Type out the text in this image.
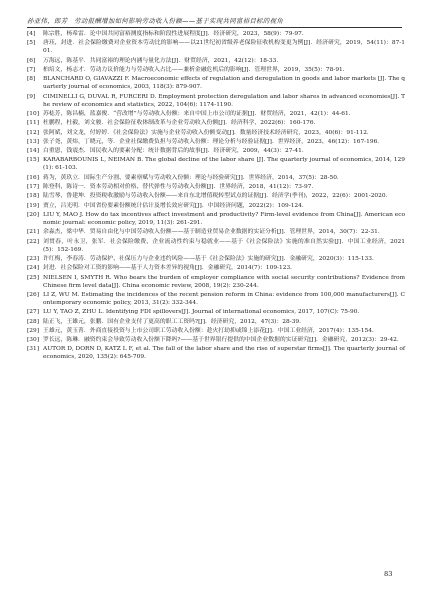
孙亚伟，郎芳　劳动报酬增加如何影响劳动收入份额——基于实现共同富裕目标的视角
[4]	陈宗胜，杨希雷．论中国共同富裕测度指标和阶段性进展程度[J]．经济研究，2023，58(9)：79-97．
[5]	唐珏，封进．社会保险缴费对企业资本劳动比的影响——以21世纪初省级养老保险征收机构变更为例[J]．经济研究，2019，54(11)：87-101．
[6]	万海远，陈基平．共同富裕的理论内涵与量化方法[J]．财贸经济，2021，42(12)：18-33．
[7]	柏培文，杨志才．劳动力议价能力与劳动收入占比——兼析金融危机后的影响[J]．管理世界，2019，35(5)：78-91．
[8]	BLANCHARD O, GIAVAZZI F. Macroeconomic effects of regulation and deregulation in goods and labor markets [J]. The quarterly journal of economics, 2003, 118(3): 879-907.
[9]	CIMINELLI G, DUVAL R, FURCERI D. Employment protection deregulation and labor shares in advanced economies[J]. The review of economics and statistics, 2022, 104(6): 1174-1190.
[10] 苏梽芳，陈昌楠，蓝嘉俊．“营改增”与劳动收入份额：来自中国上市公司的证据[J]．财贸经济，2021，42(1)：44-61．
[11] 杜鹏程，杜毅，刘文骏．社会保险征收体制改革与企业劳动收入份额[J]．经济科学，2022(6)：160-176．
[12] 张阿斌，刘文龙，付婷婷．《社会保险法》实施与企业劳动收入份额变动[J]．数量经济技术经济研究，2023，40(6)：91-112．
[13] 张子尧，黄炜，丁晓元，等．企业社保缴费负担与劳动收入份额：理论分析与经验证据[J]．世界经济，2023，46(12)：167-196．
[14] 白重恩，钱震杰．国民收入的要素分配：统计数据背后的故事[J]．经济研究，2009，44(3)：27-41．
[15] KARABARBOUNIS L, NEIMAN B. The global decline of the labor share [J]. The quarterly journal of economics, 2014, 129(1): 61-103.
[16] 蒋为，黄玖立．国际生产分割、要素禀赋与劳动收入份额：理论与经验研究[J]．世界经济，2014，37(5)：28-50．
[17] 陈登科，陈诗一．资本劳动相对价格、替代弹性与劳动收入份额[J]．世界经济，2018，41(12)：73-97．
[18] 陆雪琴，鲁建坤．投资税收激励与劳动收入份额——来自东北增值税转型试点的证据[J]．经济学(季刊)，2022，22(6)：2001-2020．
[19] 贾立，吕光明．中国省份要素份额统计估计及增长效应研究[J]．中国经济问题，2022(2)：109-124．
[20] LIU Y, MAO J. How do tax incentives affect investment and productivity? Firm-level evidence from China[J]. American economic journal: economic policy, 2019, 11(3): 261-291.
[21] 余淼杰，梁中华．贸易自由化与中国劳动收入份额——基于制造业贸易企业数据的实证分析[J]．管理世界，2014，30(7)：22-31．
[22] 刘贯春，叶永卫，张军．社会保险缴费、企业流动性约束与稳就业——基于《社会保险法》实施的准自然实验[J]．中国工业经济，2021(5)：152-169．
[23] 许红梅，李春涛．劳动保护、社保压力与企业违约风险——基于《社会保险法》实施的研究[J]．金融研究，2020(3)：115-133．
[24] 封进．社会保险对工资的影响——基于人力资本差异的视角[J]．金融研究，2014(7)：109-123．
[25] NIELSEN I, SMYTH R. Who bears the burden of employer compliance with social security contributions? Evidence from Chinese firm level data[J]. China economic review, 2008, 19(2): 230-244.
[26] LI Z, WU M. Estimating the incidences of the recent pension reform in China: evidence from 100,000 manufacturers[J]. Contemporary economic policy, 2013, 31(2): 332-344.
[27] LU Y, TAO Z, ZHU L. Identifying FDI spillovers[J]. Journal of international economics, 2017, 107(C): 75-90.
[28] 陆正飞，王雄元，张鹏．国有企业支付了更高的职工工资吗?[J]．经济研究，2012，47(3)：28-39．
[29] 王雄元，黄玉菁．外商直接投资与上市公司职工劳动收入份额：趁火打劫抑或锦上添花[J]．中国工业经济，2017(4)：135-154．
[30] 罗长远，陈琳．融资约束会导致劳动收入份额下降吗?——基于世界银行提供的中国企业数据的实证研究[J]．金融研究，2012(3)：29-42．
[31] AUTOR D, DORN D, KATZ L F, et al. The fall of the labor share and the rise of superstar firms[J]. The quarterly journal of economics, 2020, 135(2): 645-709.
83
